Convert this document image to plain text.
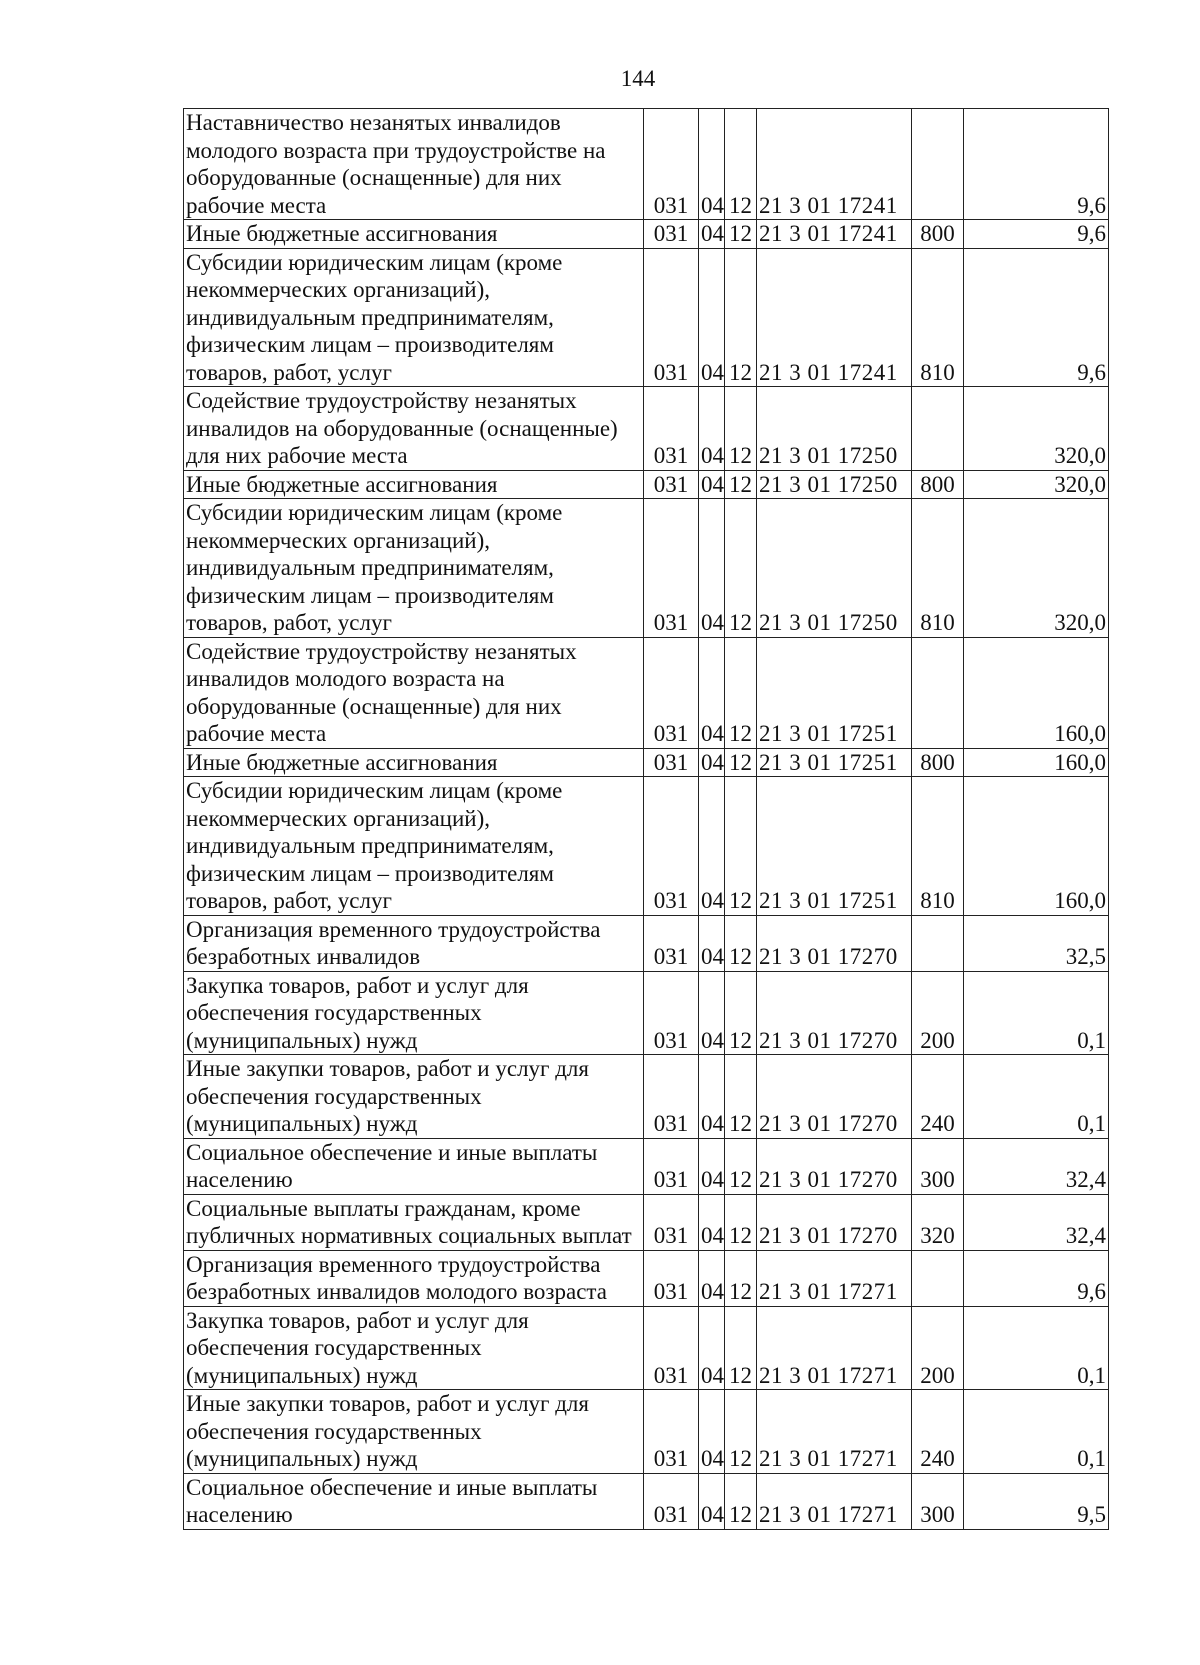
144
Наставничество незанятых инвалидов молодого возраста при трудоустройстве на оборудованные (оснащенные) для них рабочие места	031	04	12	21 3 01 17241		9,6
Иные бюджетные ассигнования	031	04	12	21 3 01 17241	800	9,6
Субсидии юридическим лицам (кроме некоммерческих организаций), индивидуальным предпринимателям, физическим лицам – производителям товаров, работ, услуг	031	04	12	21 3 01 17241	810	9,6
Содействие трудоустройству незанятых инвалидов на оборудованные (оснащенные) для них рабочие места	031	04	12	21 3 01 17250		320,0
Иные бюджетные ассигнования	031	04	12	21 3 01 17250	800	320,0
Субсидии юридическим лицам (кроме некоммерческих организаций), индивидуальным предпринимателям, физическим лицам – производителям товаров, работ, услуг	031	04	12	21 3 01 17250	810	320,0
Содействие трудоустройству незанятых инвалидов молодого возраста на оборудованные (оснащенные) для них рабочие места	031	04	12	21 3 01 17251		160,0
Иные бюджетные ассигнования	031	04	12	21 3 01 17251	800	160,0
Субсидии юридическим лицам (кроме некоммерческих организаций), индивидуальным предпринимателям, физическим лицам – производителям товаров, работ, услуг	031	04	12	21 3 01 17251	810	160,0
Организация временного трудоустройства безработных инвалидов	031	04	12	21 3 01 17270		32,5
Закупка товаров, работ и услуг для обеспечения государственных (муниципальных) нужд	031	04	12	21 3 01 17270	200	0,1
Иные закупки товаров, работ и услуг для обеспечения государственных (муниципальных) нужд	031	04	12	21 3 01 17270	240	0,1
Социальное обеспечение и иные выплаты населению	031	04	12	21 3 01 17270	300	32,4
Социальные выплаты гражданам, кроме публичных нормативных социальных выплат	031	04	12	21 3 01 17270	320	32,4
Организация временного трудоустройства безработных инвалидов молодого возраста	031	04	12	21 3 01 17271		9,6
Закупка товаров, работ и услуг для обеспечения государственных (муниципальных) нужд	031	04	12	21 3 01 17271	200	0,1
Иные закупки товаров, работ и услуг для обеспечения государственных (муниципальных) нужд	031	04	12	21 3 01 17271	240	0,1
Социальное обеспечение и иные выплаты населению	031	04	12	21 3 01 17271	300	9,5
